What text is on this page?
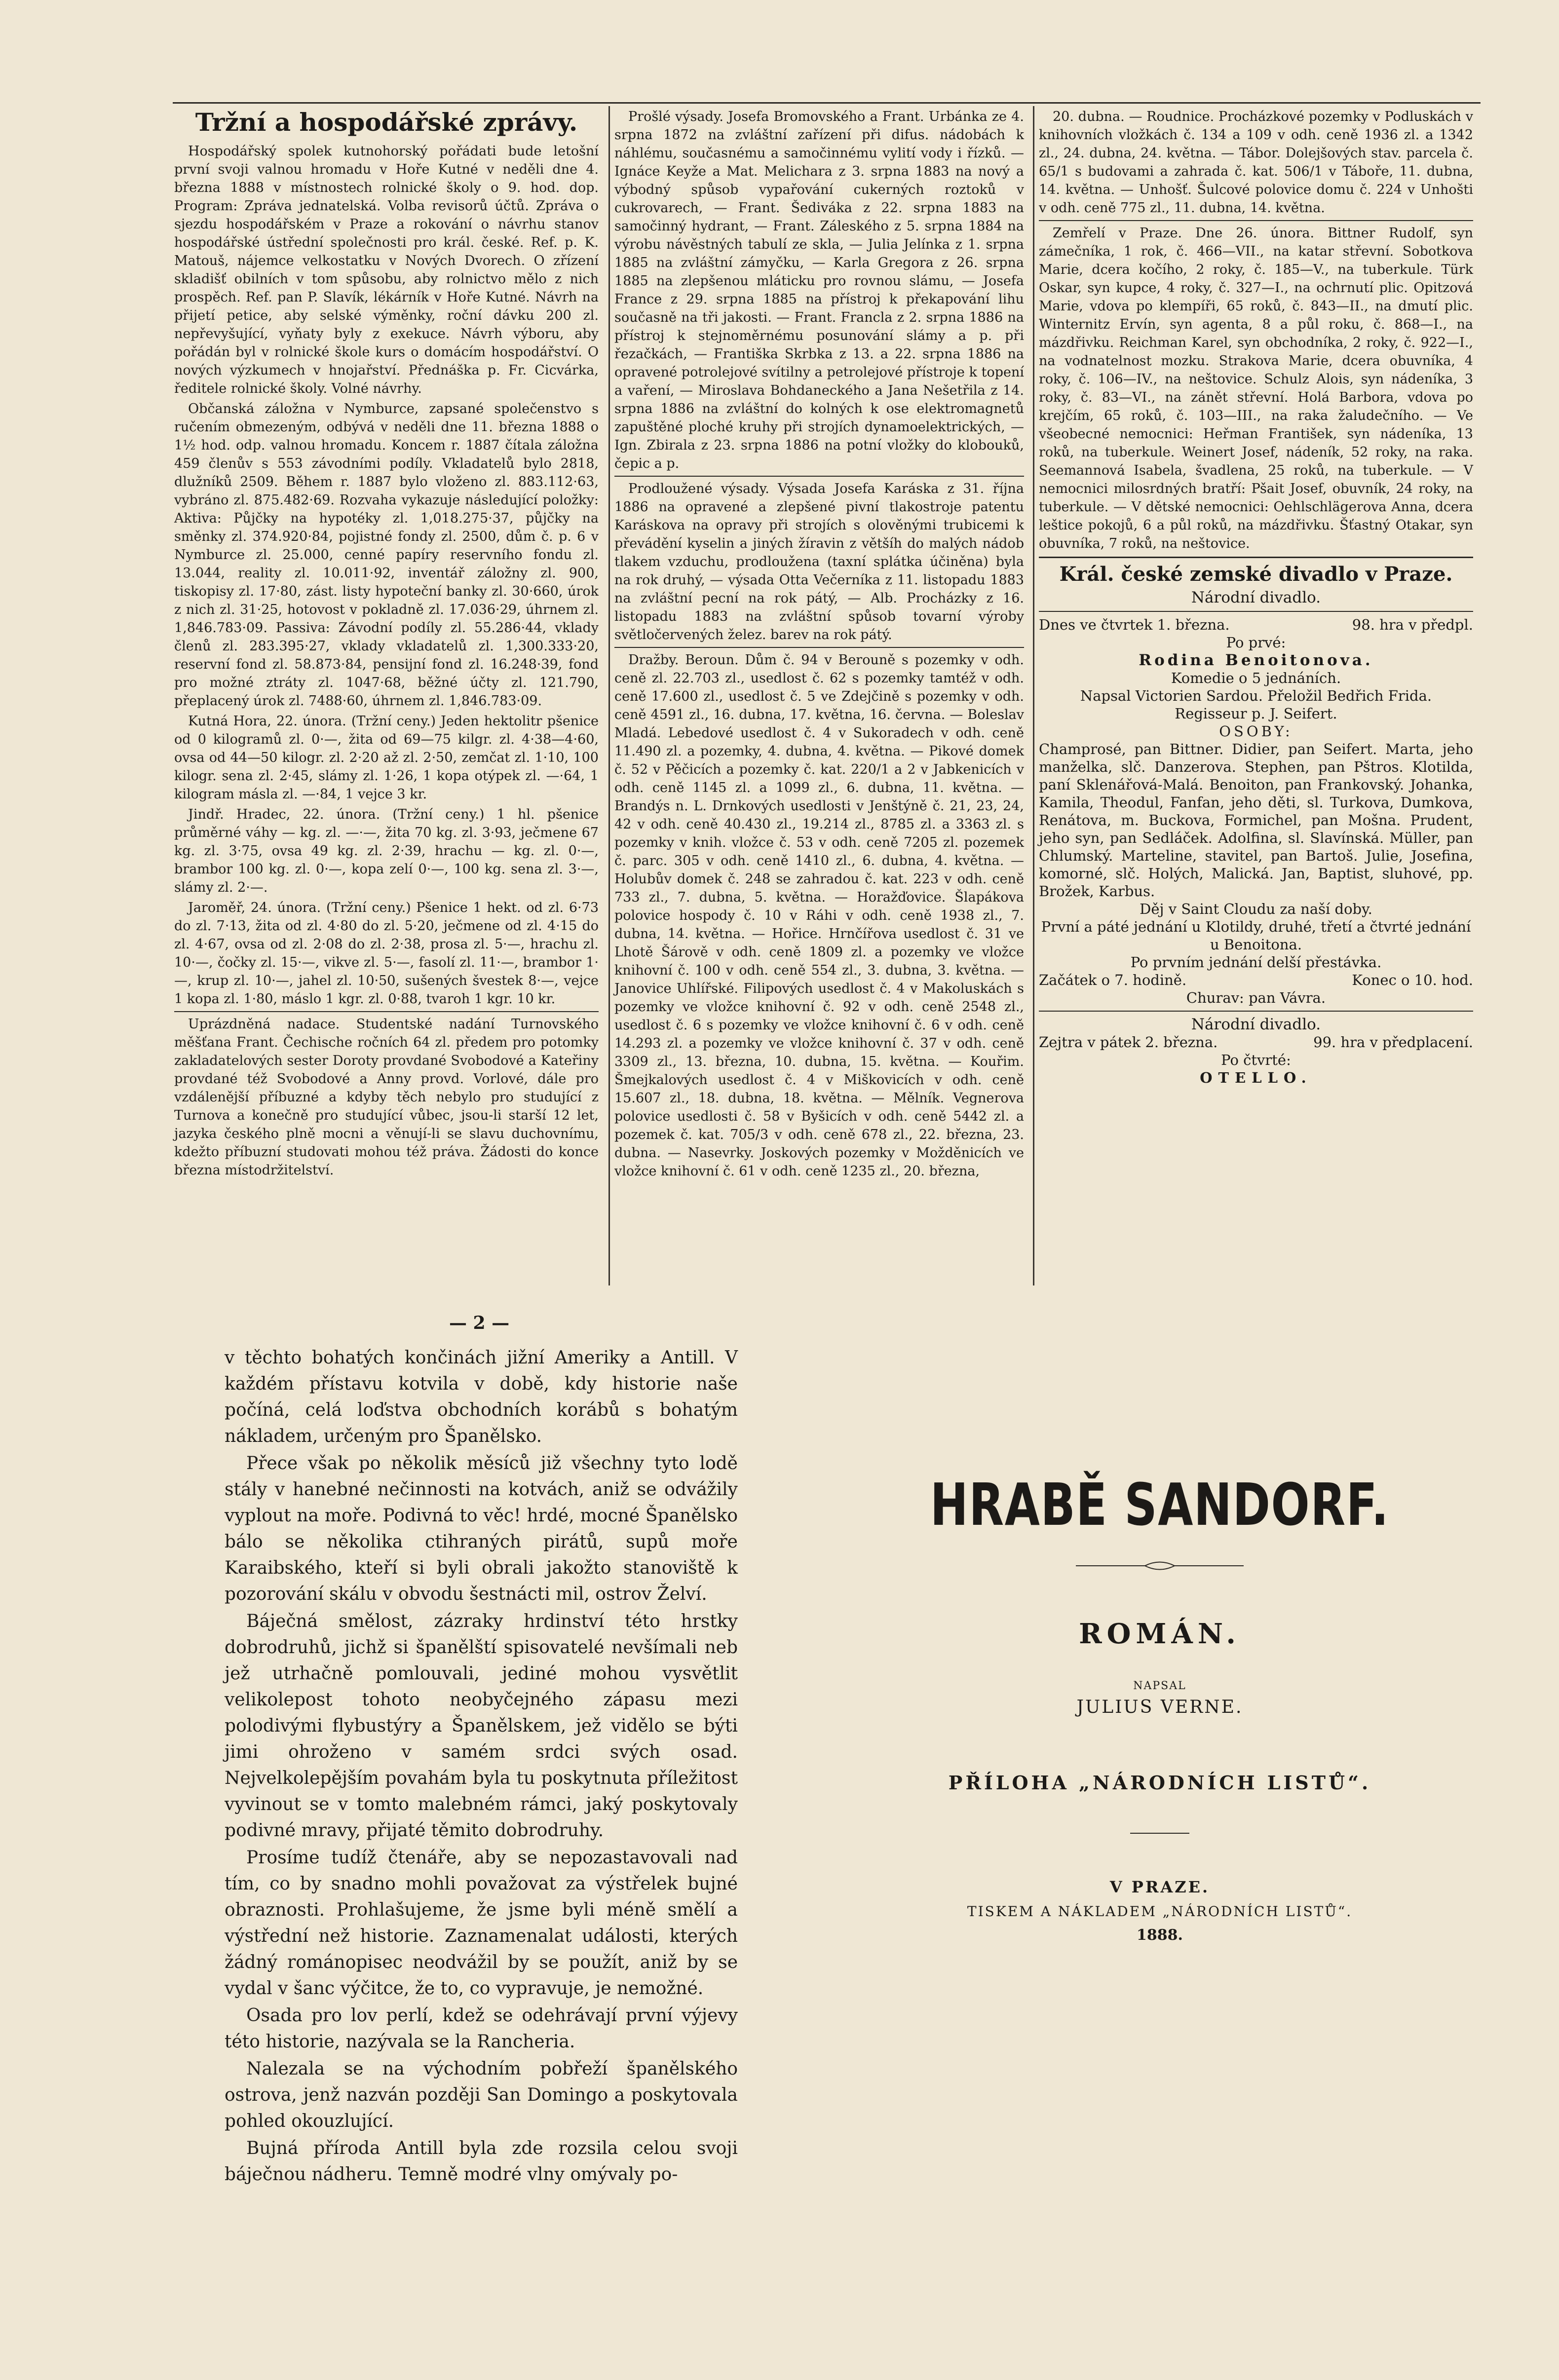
Tržní a hospodářské zprávy.

Hospodářský spolek kutnohorský pořádati bude letošní první svoji valnou hromadu v Hoře Kutné v neděli dne 4. března 1888 v místnostech rolnické školy o 9. hod. dop. Program: Zpráva jednatelská. Volba revisorů účtů. Zpráva o sjezdu hospodářském v Praze a rokování o návrhu stanov hospodářské ústřední společnosti pro král. české. Ref. p. K. Matouš, nájemce velkostatku v Nových Dvorech. O zřízení skladišť obilních v tom spůsobu, aby rolnictvo mělo z nich prospěch. Ref. pan P. Slavík, lékárník v Hoře Kutné. Návrh na přijetí petice, aby selské výměnky, roční dávku 200 zl. nepřevyšující, vyňaty byly z exekuce. Návrh výboru, aby pořádán byl v rolnické škole kurs o domácím hospodářství. O nových výzkumech v hnojařství. Přednáška p. Fr. Cicvárka, ředitele rolnické školy. Volné návrhy.

Občanská záložna v Nymburce, zapsané společenstvo s ručením obmezeným, odbývá v neděli dne 11. března 1888 o 1½ hod. odp. valnou hromadu. Koncem r. 1887 čítala záložna 459 členův s 553 závodními podíly. Vkladatelů bylo 2818, dlužníků 2509. Během r. 1887 bylo vloženo zl. 883.112·63, vybráno zl. 875.482·69. Rozvaha vykazuje následující položky: Aktiva: Půjčky na hypotéky zl. 1,018.275·37, půjčky na směnky zl. 374.920·84, pojistné fondy zl. 2500, dům č. p. 6 v Nymburce zl. 25.000, cenné papíry reservního fondu zl. 13.044, reality zl. 10.011·92, inventář záložny zl. 900, tiskopisy zl. 17·80, zást. listy hypoteční banky zl. 30·660, úrok z nich zl. 31·25, hotovost v pokladně zl. 17.036·29, úhrnem zl. 1,846.783·09. Passiva: Závodní podíly zl. 55.286·44, vklady členů zl. 283.395·27, vklady vkladatelů zl. 1,300.333·20, reservní fond zl. 58.873·84, pensijní fond zl. 16.248·39, fond pro možné ztráty zl. 1047·68, běžné účty zl. 121.790, přeplacený úrok zl. 7488·60, úhrnem zl. 1,846.783·09.

Kutná Hora, 22. února. (Tržní ceny.) Jeden hektolitr pšenice od 0 kilogramů zl. 0·—, žita od 69—75 kilgr. zl. 4·38—4·60, ovsa od 44—50 kilogr. zl. 2·20 až zl. 2·50, zemčat zl. 1·10, 100 kilogr. sena zl. 2·45, slámy zl. 1·26, 1 kopa otýpek zl. —·64, 1 kilogram másla zl. —·84, 1 vejce 3 kr.

Jindř. Hradec, 22. února. (Tržní ceny.) 1 hl. pšenice průměrné váhy — kg. zl. —·—, žita 70 kg. zl. 3·93, ječmene 67 kg. zl. 3·75, ovsa 49 kg. zl. 2·39, hrachu — kg. zl. 0·—, brambor 100 kg. zl. 0·—, kopa zelí 0·—, 100 kg. sena zl. 3·—, slámy zl. 2·—.

Jaroměř, 24. února. (Tržní ceny.) Pšenice 1 hekt. od zl. 6·73 do zl. 7·13, žita od zl. 4·80 do zl. 5·20, ječmene od zl. 4·15 do zl. 4·67, ovsa od zl. 2·08 do zl. 2·38, prosa zl. 5·—, hrachu zl. 10·—, čočky zl. 15·—, vikve zl. 5·—, fasolí zl. 11·—, brambor 1·—, krup zl. 10·—, jahel zl. 10·50, sušených švestek 8·—, vejce 1 kopa zl. 1·80, máslo 1 kgr. zl. 0·88, tvaroh 1 kgr. 10 kr.

Uprázdněná nadace. Studentské nadání Turnovského měšťana Frant. Čechische ročních 64 zl. předem pro potomky zakladatelových sester Doroty provdané Svobodové a Kateřiny provdané též Svobodové a Anny provd. Vorlové, dále pro vzdálenější příbuzné a kdyby těch nebylo pro studující z Turnova a konečně pro studující vůbec, jsou-li starší 12 let, jazyka českého plně mocni a věnují-li se slavu duchovnímu, kdežto příbuzní studovati mohou též práva. Žádosti do konce března místodržitelství.

Prošlé výsady. Josefa Bromovského a Frant. Urbánka ze 4. srpna 1872 na zvláštní zařízení při difus. nádobách k náhlému, současnému a samočinnému vylití vody i řízků. — Ignáce Keyže a Mat. Melichara z 3. srpna 1883 na nový a výbodný spůsob vypařování cukerných roztoků v cukrovarech, — Frant. Šediváka z 22. srpna 1883 na samočinný hydrant, — Frant. Záleského z 5. srpna 1884 na výrobu návěstných tabulí ze skla, — Julia Jelínka z 1. srpna 1885 na zvláštní zámyčku, — Karla Gregora z 26. srpna 1885 na zlepšenou mláticku pro rovnou slámu, — Josefa France z 29. srpna 1885 na přístroj k překapování lihu současně na tři jakosti. — Frant. Francla z 2. srpna 1886 na přístroj k stejnoměrnému posunování slámy a p. při řezačkách, — Františka Skrbka z 13. a 22. srpna 1886 na opravené potrolejové svítilny a petrolejové přístroje k topení a vaření, — Miroslava Bohdaneckého a Jana Nešetřila z 14. srpna 1886 na zvláštní do kolných k ose elektromagnetů zapuštěné ploché kruhy při strojích dynamoelektrických, — Ign. Zbirala z 23. srpna 1886 na potní vložky do klobouků, čepic a p.

Prodloužené výsady. Výsada Josefa Karáska z 31. října 1886 na opravené a zlepšené pivní tlakostroje patentu Karáskova na opravy při strojích s olověnými trubicemi k převádění kyselin a jiných žíravin z většíh do malých nádob tlakem vzduchu, prodloužena (taxní splátka účiněna) byla na rok druhý, — výsada Otta Večerníka z 11. listopadu 1883 na zvláštní pecní na rok pátý, — Alb. Procházky z 16. listopadu 1883 na zvláštní spůsob tovarní výroby světločervených želez. barev na rok pátý.

Dražby. Beroun. Dům č. 94 v Berouně s pozemky v odh. ceně zl. 22.703 zl., usedlost č. 62 s pozemky tamtéž v odh. ceně 17.600 zl., usedlost č. 5 ve Zdejčině s pozemky v odh. ceně 4591 zl., 16. dubna, 17. května, 16. června. — Boleslav Mladá. Lebedové usedlost č. 4 v Sukoradech v odh. ceně 11.490 zl. a pozemky, 4. dubna, 4. května. — Pikové domek č. 52 v Pěčicích a pozemky č. kat. 220/1 a 2 v Jabkenicích v odh. ceně 1145 zl. a 1099 zl., 6. dubna, 11. května. — Brandýs n. L. Drnkových usedlosti v Jenštýně č. 21, 23, 24, 42 v odh. ceně 40.430 zl., 19.214 zl., 8785 zl. a 3363 zl. s pozemky v knih. vložce č. 53 v odh. ceně 7205 zl. pozemek č. parc. 305 v odh. ceně 1410 zl., 6. dubna, 4. května. — Holubův domek č. 248 se zahradou č. kat. 223 v odh. ceně 733 zl., 7. dubna, 5. května. — Horažďovice. Šlapákova polovice hospody č. 10 v Ráhi v odh. ceně 1938 zl., 7. dubna, 14. května. — Hořice. Hrnčířova usedlost č. 31 ve Lhotě Šárově v odh. ceně 1809 zl. a pozemky ve vložce knihovní č. 100 v odh. ceně 554 zl., 3. dubna, 3. května. — Janovice Uhlířské. Filipových usedlost č. 4 v Makoluskách s pozemky ve vložce knihovní č. 92 v odh. ceně 2548 zl., usedlost č. 6 s pozemky ve vložce knihovní č. 6 v odh. ceně 14.293 zl. a pozemky ve vložce knihovní č. 37 v odh. ceně 3309 zl., 13. března, 10. dubna, 15. května. — Kouřim. Šmejkalových usedlost č. 4 v Miškovicích v odh. ceně 15.607 zl., 18. dubna, 18. května. — Mělník. Vegnerova polovice usedlosti č. 58 v Byšicích v odh. ceně 5442 zl. a pozemek č. kat. 705/3 v odh. ceně 678 zl., 22. března, 23. dubna. — Nasevrky. Joskových pozemky v Možděnicích ve vložce knihovní č. 61 v odh. ceně 1235 zl., 20. března,

20. dubna. — Roudnice. Procházkové pozemky v Podluskách v knihovních vložkách č. 134 a 109 v odh. ceně 1936 zl. a 1342 zl., 24. dubna, 24. května. — Tábor. Dolejšových stav. parcela č. 65/1 s budovami a zahrada č. kat. 506/1 v Táboře, 11. dubna, 14. května. — Unhošť. Šulcové polovice domu č. 224 v Unhošti v odh. ceně 775 zl., 11. dubna, 14. května.

Zemřelí v Praze. Dne 26. února. Bittner Rudolf, syn zámečníka, 1 rok, č. 466—VII., na katar střevní. Sobotkova Marie, dcera kočího, 2 roky, č. 185—V., na tuberkule. Türk Oskar, syn kupce, 4 roky, č. 327—I., na ochrnutí plic. Opitzová Marie, vdova po klempíři, 65 roků, č. 843—II., na dmutí plic. Winternitz Ervín, syn agenta, 8 a půl roku, č. 868—I., na mázdřivku. Reichman Karel, syn obchodníka, 2 roky, č. 922—I., na vodnatelnost mozku. Strakova Marie, dcera obuvníka, 4 roky, č. 106—IV., na neštovice. Schulz Alois, syn nádeníka, 3 roky, č. 83—VI., na zánět střevní. Holá Barbora, vdova po krejčím, 65 roků, č. 103—III., na raka žaludečního. — Ve všeobecné nemocnici: Heřman František, syn nádeníka, 13 roků, na tuberkule. Weinert Josef, nádeník, 52 roky, na raka. Seemannová Isabela, švadlena, 25 roků, na tuberkule. — V nemocnici milosrdných bratří: Pšait Josef, obuvník, 24 roky, na tuberkule. — V dětské nemocnici: Oehlschlägerova Anna, dcera leštice pokojů, 6 a půl roků, na mázdřivku. Šťastný Otakar, syn obuvníka, 7 roků, na neštovice.

Král. české zemské divadlo v Praze.
Národní divadlo.
Dnes ve čtvrtek 1. března.	98. hra v předpl.
Po prvé:
Rodina Benoitonova.
Komedie o 5 jednáních.
Napsal Victorien Sardou. Přeložil Bedřich Frida.
Regisseur p. J. Seifert.
OSOBY:

Champrosé, pan Bittner. Didier, pan Seifert. Marta, jeho manželka, slč. Danzerova. Stephen, pan Pštros. Klotilda, paní Sklenářová-Malá. Benoiton, pan Frankovský. Johanka, Kamila, Theodul, Fanfan, jeho děti, sl. Turkova, Dumkova, Renátova, m. Buckova, Formichel, pan Mošna. Prudent, jeho syn, pan Sedláček. Adolfina, sl. Slavínská. Müller, pan Chlumský. Marteline, stavitel, pan Bartoš. Julie, Josefina, komorné, slč. Holých, Malická. Jan, Baptist, sluhové, pp. Brožek, Karbus.

Děj v Saint Cloudu za naší doby.
První a páté jednání u Klotildy, druhé, třetí a čtvrté jednání u Benoitona.
Po prvním jednání delší přestávka.
Začátek o 7. hodině.	Konec o 10. hod.
Churav: pan Vávra.
Národní divadlo.
Zejtra v pátek 2. března.	99. hra v předplacení.
Po čtvrté:
OTELLO.
— 2 —

v těchto bohatých končinách jižní Ameriky a Antill. V každém přístavu kotvila v době, kdy historie naše počíná, celá loďstva obchodních korábů s bohatým nákladem, určeným pro Španělsko.

Přece však po několik měsíců již všechny tyto lodě stály v hanebné nečinnosti na kotvách, aniž se odvážily vyplout na moře. Podivná to věc! hrdé, mocné Španělsko bálo se několika ctihraných pirátů, supů moře Karaibského, kteří si byli obrali jakožto stanoviště k pozorování skálu v obvodu šestnácti mil, ostrov Želví.

Báječná smělost, zázraky hrdinství této hrstky dobrodruhů, jichž si španělští spisovatelé nevšímali neb jež utrhačně pomlouvali, jediné mohou vysvětlit velikolepost tohoto neobyčejného zápasu mezi polodivými flybustýry a Španělskem, jež vidělo se býti jimi ohroženo v samém srdci svých osad. Nejvelkolepějším povahám byla tu poskytnuta příležitost vyvinout se v tomto malebném rámci, jaký poskytovaly podivné mravy, přijaté těmito dobrodruhy.

Prosíme tudíž čtenáře, aby se nepozastavovali nad tím, co by snadno mohli považovat za výstřelek bujné obraznosti. Prohlašujeme, že jsme byli méně smělí a výstřední než historie. Zaznamenalat události, kterých žádný románopisec neodvážil by se použít, aniž by se vydal v šanc výčitce, že to, co vypravuje, je nemožné.

Osada pro lov perlí, kdež se odehrávají první výjevy této historie, nazývala se la Rancheria.

Nalezala se na východním pobřeží španělského ostrova, jenž nazván později San Domingo a poskytovala pohled okouzlující.

Bujná příroda Antill byla zde rozsila celou svoji báječnou nádheru. Temně modré vlny omývaly po-

HRABĚ SANDORF.
ROMÁN.
NAPSAL
JULIUS VERNE.
PŘÍLOHA „NÁRODNÍCH LISTŮ“.
V PRAZE.
TISKEM A NÁKLADEM „NÁRODNÍCH LISTŮ“.
1888.
